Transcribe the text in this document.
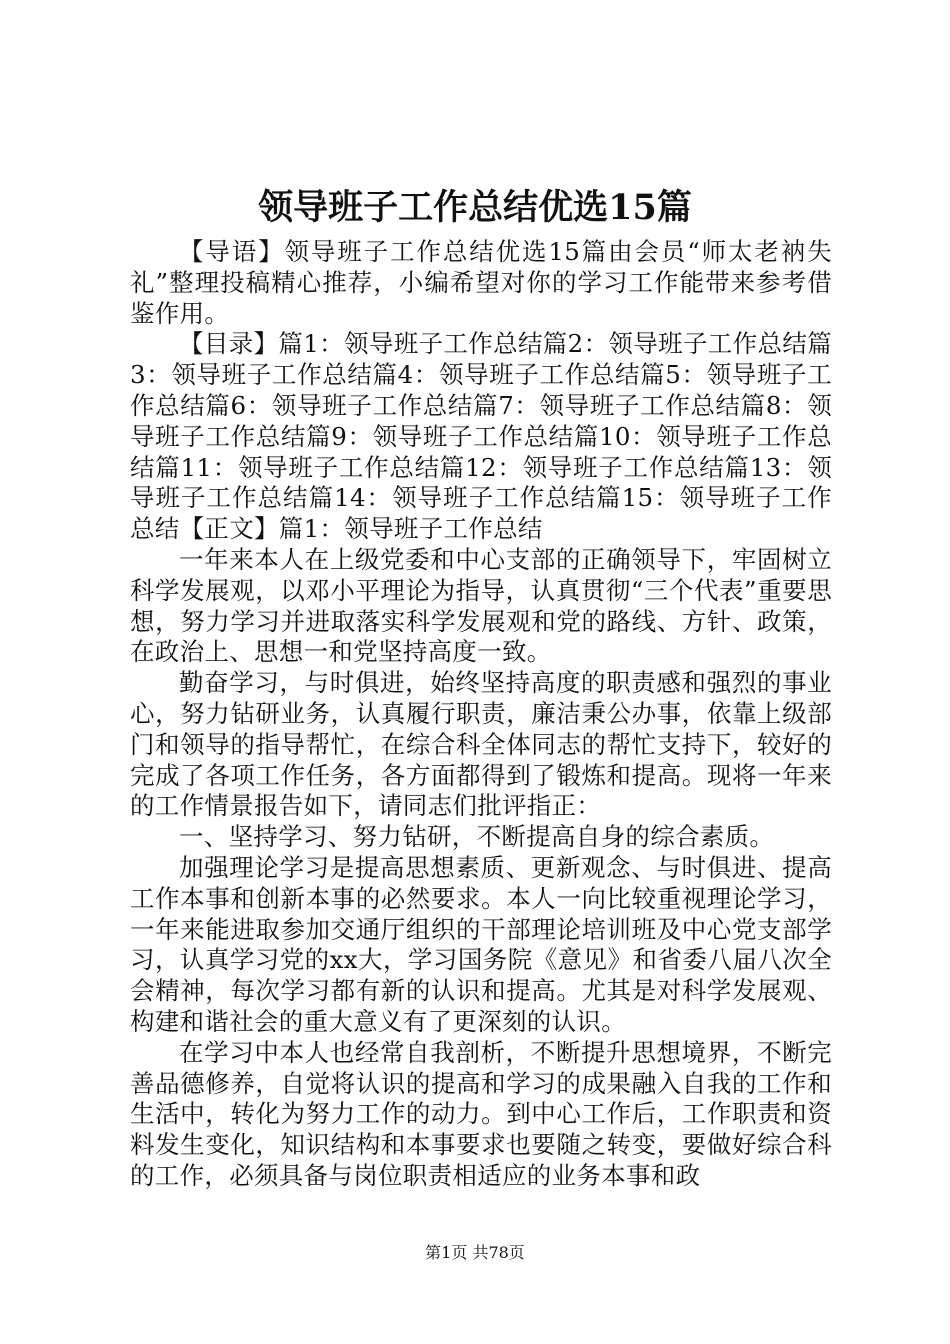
领导班子工作总结优选15篇

【导语】领导班子工作总结优选15篇由会员“师太老衲失礼”整理投稿精心推荐，小编希望对你的学习工作能带来参考借鉴作用。

【目录】篇1：领导班子工作总结篇2：领导班子工作总结篇3：领导班子工作总结篇4：领导班子工作总结篇5：领导班子工作总结篇6：领导班子工作总结篇7：领导班子工作总结篇8：领导班子工作总结篇9：领导班子工作总结篇10：领导班子工作总结篇11：领导班子工作总结篇12：领导班子工作总结篇13：领导班子工作总结篇14：领导班子工作总结篇15：领导班子工作总结【正文】篇1：领导班子工作总结

一年来本人在上级党委和中心支部的正确领导下，牢固树立科学发展观，以邓小平理论为指导，认真贯彻“三个代表”重要思想，努力学习并进取落实科学发展观和党的路线、方针、政策，在政治上、思想一和党坚持高度一致。

勤奋学习，与时俱进，始终坚持高度的职责感和强烈的事业心，努力钻研业务，认真履行职责，廉洁秉公办事，依靠上级部门和领导的指导帮忙，在综合科全体同志的帮忙支持下，较好的完成了各项工作任务，各方面都得到了锻炼和提高。现将一年来的工作情景报告如下，请同志们批评指正：

一、坚持学习、努力钻研，不断提高自身的综合素质。

加强理论学习是提高思想素质、更新观念、与时俱进、提高工作本事和创新本事的必然要求。本人一向比较重视理论学习，一年来能进取参加交通厅组织的干部理论培训班及中心党支部学习，认真学习党的xx大，学习国务院《意见》和省委八届八次全会精神，每次学习都有新的认识和提高。尤其是对科学发展观、构建和谐社会的重大意义有了更深刻的认识。

在学习中本人也经常自我剖析，不断提升思想境界，不断完善品德修养，自觉将认识的提高和学习的成果融入自我的工作和生活中，转化为努力工作的动力。到中心工作后，工作职责和资料发生变化，知识结构和本事要求也要随之转变，要做好综合科的工作，必须具备与岗位职责相适应的业务本事和政

第1页 共78页
